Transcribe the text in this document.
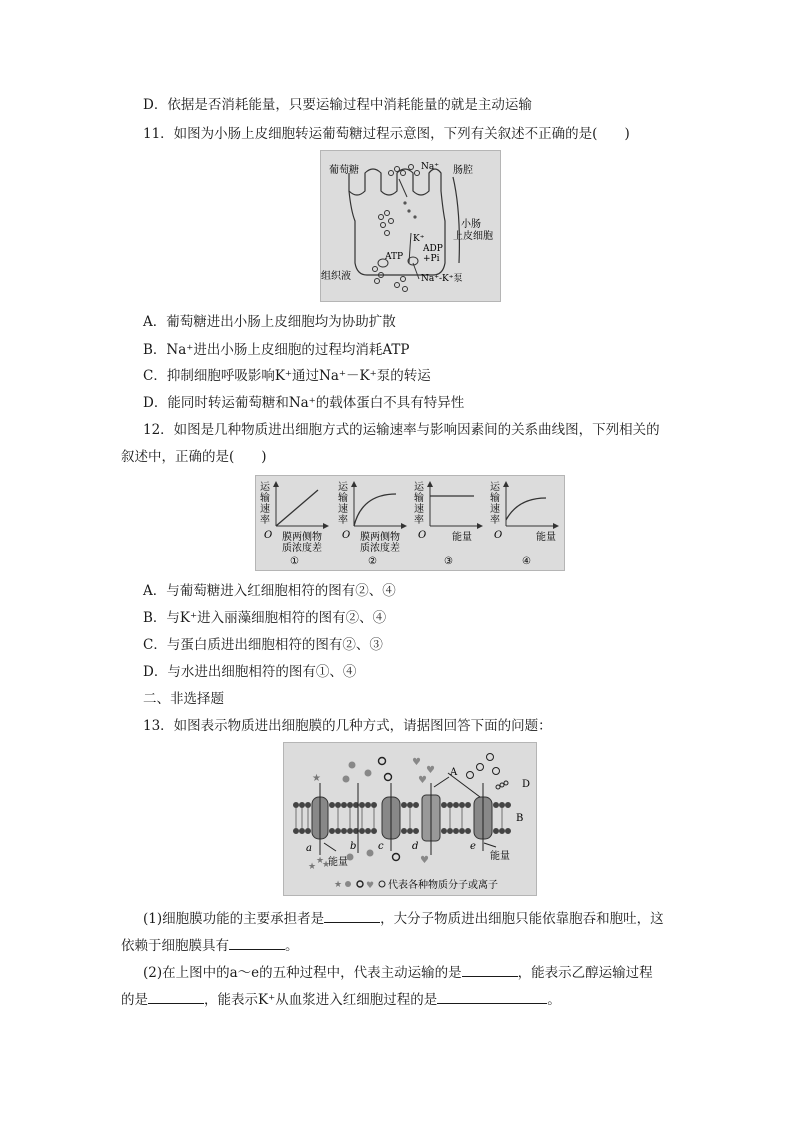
D．依据是否消耗能量，只要运输过程中消耗能量的就是主动运输
11．如图为小肠上皮细胞转运葡萄糖过程示意图，下列有关叙述不正确的是(　　)
葡萄糖	Na⁺ 肠腔
小肠
上皮细胞
K⁺
ATP
ADP
+Pi
组织液	Na⁺-K⁺泵
A．葡萄糖进出小肠上皮细胞均为协助扩散
B．Na⁺进出小肠上皮细胞的过程均消耗ATP
C．抑制细胞呼吸影响K⁺通过Na⁺－K⁺泵的转运
D．能同时转运葡萄糖和Na⁺的载体蛋白不具有特异性
12．如图是几种物质进出细胞方式的运输速率与影响因素间的关系曲线图，下列相关的
叙述中，正确的是(　　)
运
输
速
率
O 膜两侧物
质浓度差
①
运
输
速
率
O 膜两侧物
质浓度差
②
运
输
速
率
O	能量
③
运
输
速
率
O	能量
④
A．与葡萄糖进入红细胞相符的图有②、④
B．与K⁺进入丽藻细胞相符的图有②、④
C．与蛋白质进出细胞相符的图有②、③
D．与水进出细胞相符的图有①、④
二、非选择题
13．如图表示物质进出细胞膜的几种方式，请据图回答下面的问题：
★
♥
♥
♥
★
★ ★	♥
A
B
D
a	b c	d	e
能量
能量
★	♥ 代表各种物质分子或离子
(1)细胞膜功能的主要承担者是	，大分子物质进出细胞只能依靠胞吞和胞吐，这
依赖于细胞膜具有	。
(2)在上图中的a～e的五种过程中，代表主动运输的是	，能表示乙醇运输过程
的是	，能表示K⁺从血浆进入红细胞过程的是	。
